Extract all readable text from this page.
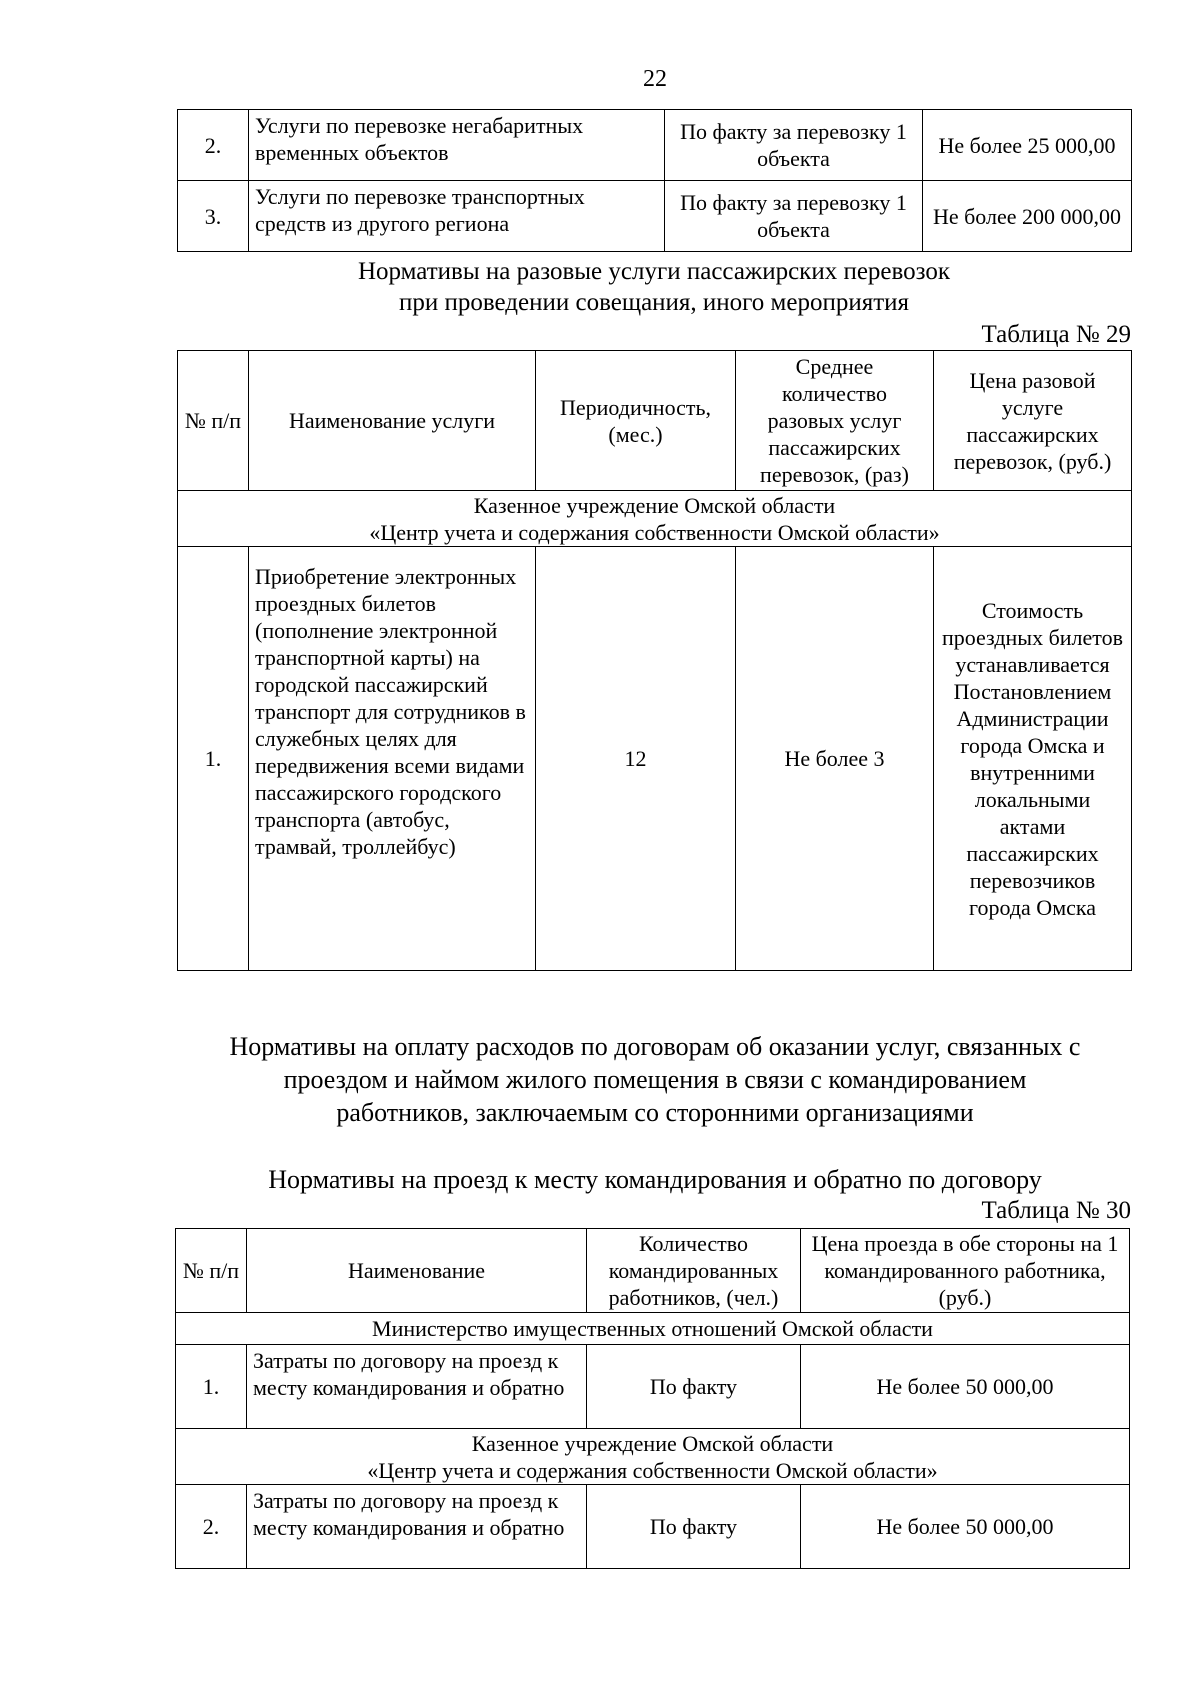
22
2.	Услуги по перевозке негабаритных временных объектов	По факту за перевозку 1 объекта	Не более 25 000,00
3.	Услуги по перевозке транспортных средств из другого региона	По факту за перевозку 1 объекта	Не более 200 000,00
Нормативы на разовые услуги пассажирских перевозок
при проведении совещания, иного мероприятия
Таблица № 29
№ п/п	Наименование услуги	Периодичность, (мес.)	Среднее количество разовых услуг пассажирских перевозок, (раз)	Цена разовой услуге пассажирских перевозок, (руб.)

Казенное учреждение Омской области
«Центр учета и содержания собственности Омской области»				

1.	Приобретение электронных проездных билетов (пополнение электронной транспортной карты) на городской пассажирский транспорт для сотрудников в служебных целях для передвижения всеми видами пассажирского городского транспорта (автобус, трамвай, троллейбус)	12	Не более 3	Стоимость проездных билетов устанавливается Постановлением Администрации города Омска и внутренними локальными актами пассажирских перевозчиков города Омска
Нормативы на оплату расходов по договорам об оказании услуг, связанных с
проездом и наймом жилого помещения в связи с командированием
работников, заключаемым со сторонними организациями
Нормативы на проезд к месту командирования и обратно по договору
Таблица № 30
№ п/п	Наименование	Количество командированных работников, (чел.)	Цена проезда в обе стороны на 1 командированного работника, (руб.)
Министерство имущественных отношений Омской области			
1.	Затраты по договору на проезд к месту командирования и обратно	По факту	Не более 50 000,00

Казенное учреждение Омской области
«Центр учета и содержания собственности Омской области»			

2.	Затраты по договору на проезд к месту командирования и обратно	По факту	Не более 50 000,00
